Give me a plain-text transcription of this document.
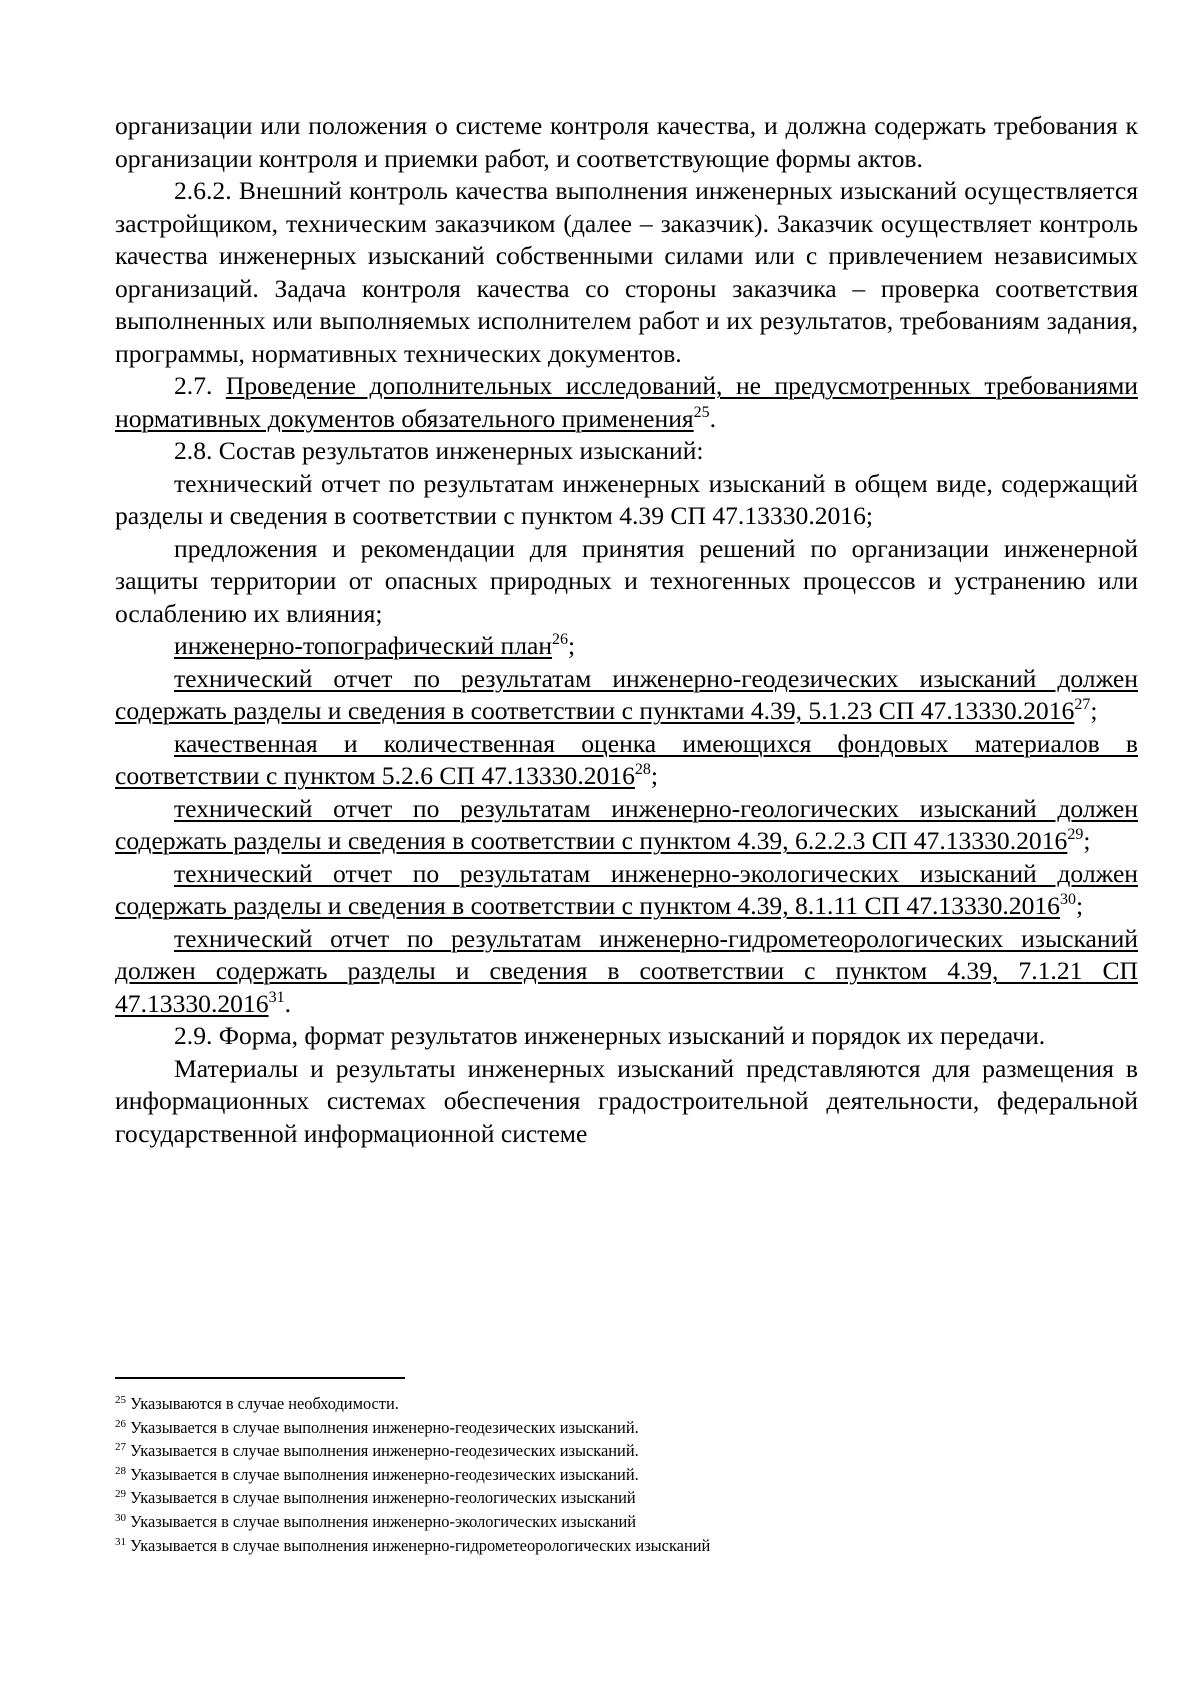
организации или положения о системе контроля качества, и должна содержать требования к организации контроля и приемки работ, и соответствующие формы актов.

2.6.2. Внешний контроль качества выполнения инженерных изысканий осуществляется застройщиком, техническим заказчиком (далее – заказчик). Заказчик осуществляет контроль качества инженерных изысканий собственными силами или с привлечением независимых организаций. Задача контроля качества со стороны заказчика – проверка соответствия выполненных или выполняемых исполнителем работ и их результатов, требованиям задания, программы, нормативных технических документов.

2.7. Проведение дополнительных исследований, не предусмотренных требованиями нормативных документов обязательного применения$^{25}$.

2.8. Состав результатов инженерных изысканий:

технический отчет по результатам инженерных изысканий в общем виде, содержащий разделы и сведения в соответствии с пунктом 4.39 СП 47.13330.2016;

предложения и рекомендации для принятия решений по организации инженерной защиты территории от опасных природных и техногенных процессов и устранению или ослаблению их влияния;

инженерно-топографический план$^{26}$;

технический отчет по результатам инженерно-геодезических изысканий должен содержать разделы и сведения в соответствии с пунктами 4.39, 5.1.23 СП 47.13330.2016$^{27}$;

качественная и количественная оценка имеющихся фондовых материалов в соответствии с пунктом 5.2.6 СП 47.13330.2016$^{28}$;

технический отчет по результатам инженерно-геологических изысканий должен содержать разделы и сведения в соответствии с пунктом 4.39, 6.2.2.3 СП 47.13330.2016$^{29}$;

технический отчет по результатам инженерно-экологических изысканий должен содержать разделы и сведения в соответствии с пунктом 4.39, 8.1.11 СП 47.13330.2016$^{30}$;

технический отчет по результатам инженерно-гидрометеорологических изысканий должен содержать разделы и сведения в соответствии с пунктом 4.39, 7.1.21 СП 47.13330.2016$^{31}$.

2.9. Форма, формат результатов инженерных изысканий и порядок их передачи.

Материалы и результаты инженерных изысканий представляются для размещения в информационных системах обеспечения градостроительной деятельности, федеральной государственной информационной системе

$^{25}$ Указываются в случае необходимости.

$^{26}$ Указывается в случае выполнения инженерно-геодезических изысканий.

$^{27}$ Указывается в случае выполнения инженерно-геодезических изысканий.

$^{28}$ Указывается в случае выполнения инженерно-геодезических изысканий.

$^{29}$ Указывается в случае выполнения инженерно-геологических изысканий

$^{30}$ Указывается в случае выполнения инженерно-экологических изысканий

$^{31}$ Указывается в случае выполнения инженерно-гидрометеорологических изысканий
